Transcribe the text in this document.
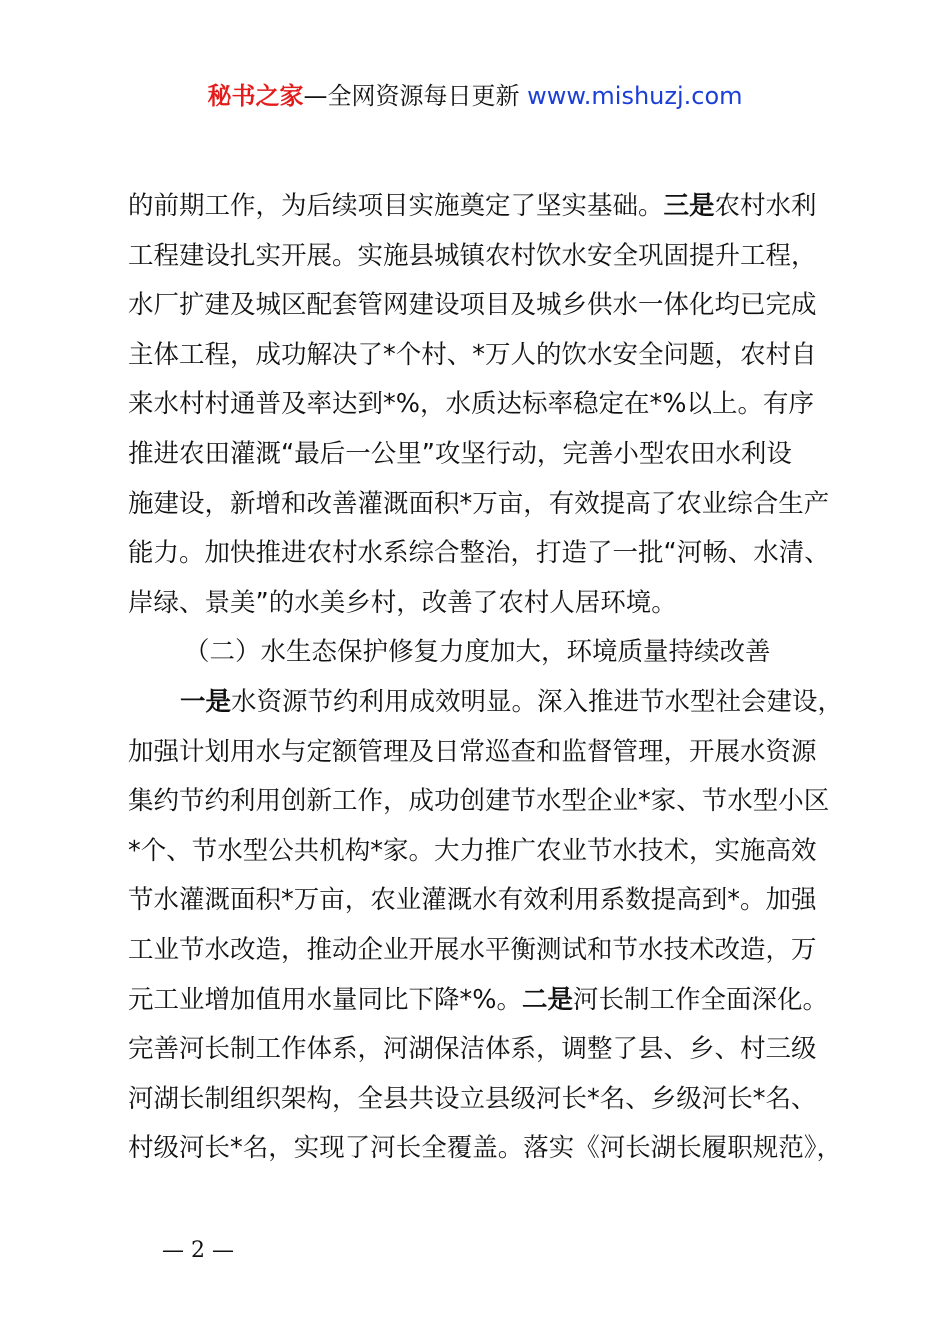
秘书之家—全网资源每日更新 www.mishuzj.com
的前期工作，为后续项目实施奠定了坚实基础。三是农村水利
工程建设扎实开展。实施县城镇农村饮水安全巩固提升工程，
水厂扩建及城区配套管网建设项目及城乡供水一体化均已完成
主体工程，成功解决了*个村、*万人的饮水安全问题，农村自
来水村村通普及率达到*%，水质达标率稳定在*%以上。有序
推进农田灌溉“最后一公里”攻坚行动，完善小型农田水利设
施建设，新增和改善灌溉面积*万亩，有效提高了农业综合生产
能力。加快推进农村水系综合整治，打造了一批“河畅、水清、
岸绿、景美”的水美乡村，改善了农村人居环境。
（二）水生态保护修复力度加大，环境质量持续改善
一是水资源节约利用成效明显。深入推进节水型社会建设，
加强计划用水与定额管理及日常巡查和监督管理，开展水资源
集约节约利用创新工作，成功创建节水型企业*家、节水型小区
*个、节水型公共机构*家。大力推广农业节水技术，实施高效
节水灌溉面积*万亩，农业灌溉水有效利用系数提高到*。加强
工业节水改造，推动企业开展水平衡测试和节水技术改造，万
元工业增加值用水量同比下降*%。二是河长制工作全面深化。
完善河长制工作体系，河湖保洁体系，调整了县、乡、村三级
河湖长制组织架构，全县共设立县级河长*名、乡级河长*名、
村级河长*名，实现了河长全覆盖。落实《河长湖长履职规范》，
— 2 —
